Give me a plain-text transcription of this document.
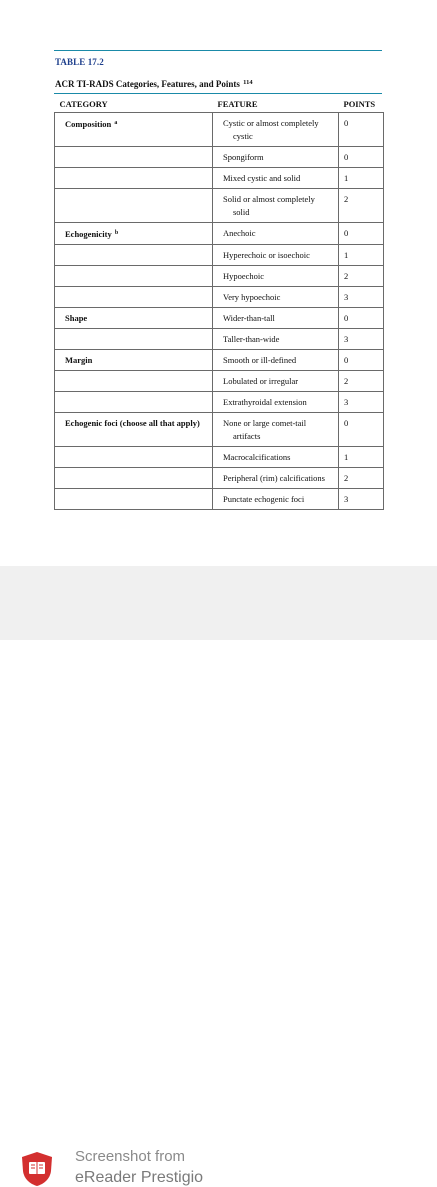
TABLE 17.2
ACR TI-RADS Categories, Features, and Points $^{114}$
CATEGORY	FEATURE	POINTS

Composition $^a$	Cystic or almost completely cystic	0

	Spongiform	0

	Mixed cystic and solid	1

	Solid or almost completely solid	2

Echogenicity $^b$	Anechoic	0

	Hyperechoic or isoechoic	1

	Hypoechoic	2

	Very hypoechoic	3

Shape	Wider-than-tall	0

	Taller-than-wide	3

Margin	Smooth or ill-defined	0

	Lobulated or irregular	2

	Extrathyroidal extension	3

Echogenic foci (choose all that apply)	None or large comet-tail artifacts	0

	Macrocalcifications	1

	Peripheral (rim) calcifications	2

	Punctate echogenic foci	3
Screenshot from
eReader Prestigio
